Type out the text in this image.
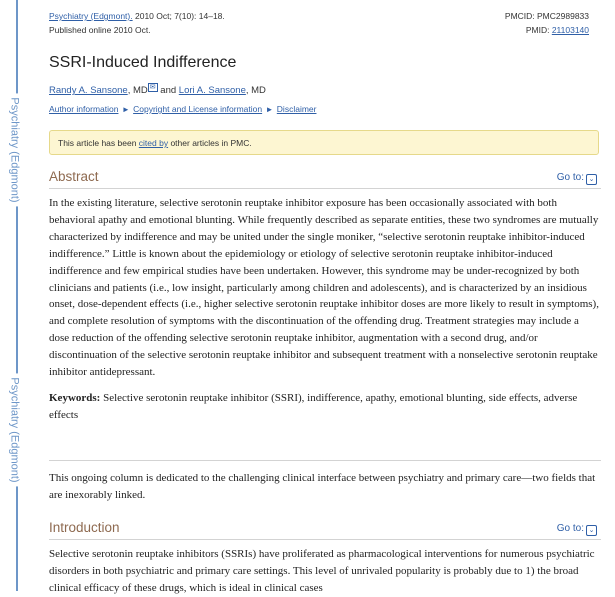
Psychiatry (Edgmont)
Psychiatry (Edgmont)
Psychiatry (Edgmont). 2010 Oct; 7(10): 14–18.
Published online 2010 Oct.
PMCID: PMC2989833
PMID: 21103140
SSRI-Induced Indifference
Randy A. Sansone, MD ✉ and Lori A. Sansone, MD
Author information ► Copyright and License information ► Disclaimer
This article has been cited by other articles in PMC.
Abstract	Go to: ⌄

In the existing literature, selective serotonin reuptake inhibitor exposure has been occasionally associated with both behavioral apathy and emotional blunting. While frequently described as separate entities, these two syndromes are mutually characterized by indifference and may be united under the single moniker, “selective serotonin reuptake inhibitor-induced indifference.” Little is known about the epidemiology or etiology of selective serotonin reuptake inhibitor-induced indifference and few empirical studies have been undertaken. However, this syndrome may be under-recognized by both clinicians and patients (i.e., low insight, particularly among children and adolescents), and is characterized by an insidious onset, dose-dependent effects (i.e., higher selective serotonin reuptake inhibitor doses are more likely to result in symptoms), and complete resolution of symptoms with the discontinuation of the offending drug. Treatment strategies may include a dose reduction of the offending selective serotonin reuptake inhibitor, augmentation with a second drug, and/or discontinuation of the selective serotonin reuptake inhibitor and subsequent treatment with a nonselective serotonin reuptake inhibitor antidepressant.

Keywords: Selective serotonin reuptake inhibitor (SSRI), indifference, apathy, emotional blunting, side effects, adverse effects

This ongoing column is dedicated to the challenging clinical interface between psychiatry and primary care—two fields that are inexorably linked.

Introduction	Go to: ⌄

Selective serotonin reuptake inhibitors (SSRIs) have proliferated as pharmacological interventions for numerous psychiatric disorders in both psychiatric and primary care settings. This level of unrivaled popularity is probably due to 1) the broad clinical efficacy of these drugs, which is ideal in clinical cases
